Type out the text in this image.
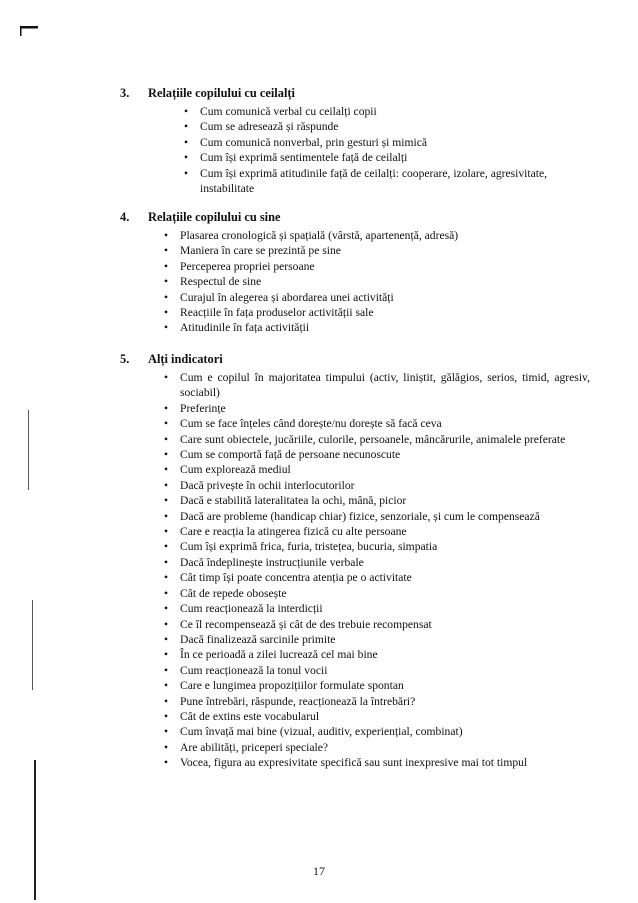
3.	Relațiile copilului cu ceilalți
•	Cum comunică verbal cu ceilalți copii
•	Cum se adresează și răspunde
•	Cum comunică nonverbal, prin gesturi și mimică
•	Cum își exprimă sentimentele față de ceilalți
•	Cum își exprimă atitudinile față de ceilalți: cooperare, izolare, agresivitate, instabilitate
4.	Relațiile copilului cu sine
•	Plasarea cronologică și spațială (vârstă, apartenență, adresă)
•	Maniera în care se prezintă pe sine
•	Perceperea propriei persoane
•	Respectul de sine
•	Curajul în alegerea și abordarea unei activități
•	Reacțiile în fața produselor activității sale
•	Atitudinile în fața activității
5.	Alți indicatori
•	Cum e copilul în majoritatea timpului (activ, liniștit, gălăgios, serios, timid, agresiv, sociabil)
•	Preferințe
•	Cum se face înțeles când dorește/nu dorește să facă ceva
•	Care sunt obiectele, jucăriile, culorile, persoanele, mâncărurile, animalele preferate
•	Cum se comportă față de persoane necunoscute
•	Cum explorează mediul
•	Dacă privește în ochii interlocutorilor
•	Dacă e stabilită lateralitatea la ochi, mână, picior
•	Dacă are probleme (handicap chiar) fizice, senzoriale, și cum le compensează
•	Care e reacția la atingerea fizică cu alte persoane
•	Cum își exprimă frica, furia, tristețea, bucuria, simpatia
•	Dacă îndeplinește instrucțiunile verbale
•	Cât timp își poate concentra atenția pe o activitate
•	Cât de repede obosește
•	Cum reacționează la interdicții
•	Ce îl recompensează și cât de des trebuie recompensat
•	Dacă finalizează sarcinile primite
•	În ce perioadă a zilei lucrează cel mai bine
•	Cum reacționează la tonul vocii
•	Care e lungimea propozițiilor formulate spontan
•	Pune întrebări, răspunde, reacționează la întrebări?
•	Cât de extins este vocabularul
•	Cum învață mai bine (vizual, auditiv, experiențial, combinat)
•	Are abilități, priceperi speciale?
•	Vocea, figura au expresivitate specifică sau sunt inexpresive mai tot timpul
17
